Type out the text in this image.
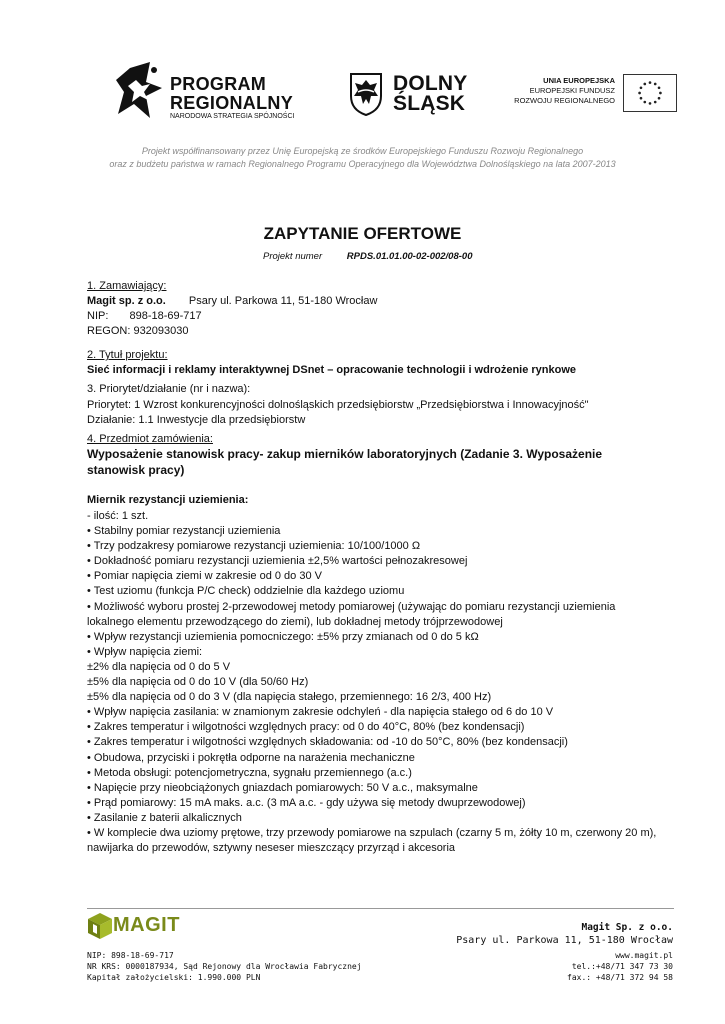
PROGRAM
REGIONALNY
NARODOWA STRATEGIA SPÓJNOŚCI
DOLNY
ŚLĄSK
UNIA EUROPEJSKA
EUROPEJSKI FUNDUSZ
ROZWOJU REGIONALNEGO
Projekt współfinansowany przez Unię Europejską ze środków Europejskiego Funduszu Rozwoju Regionalnego
oraz z budżetu państwa w ramach Regionalnego Programu Operacyjnego dla Województwa Dolnośląskiego na lata 2007-2013
ZAPYTANIE OFERTOWE
Projekt numer	RPDS.01.01.00-02-002/08-00
1. Zamawiający:
Magit sp. z o.o. Psary ul. Parkowa 11, 51-180 Wrocław
NIP: 898-18-69-717
REGON: 932093030
2. Tytuł projektu:
Sieć informacji i reklamy interaktywnej DSnet – opracowanie technologii i wdrożenie rynkowe
3. Priorytet/działanie (nr i nazwa):
Priorytet: 1 Wzrost konkurencyjności dolnośląskich przedsiębiorstw „Przedsiębiorstwa i Innowacyjność"
Działanie: 1.1 Inwestycje dla przedsiębiorstw
4. Przedmiot zamówienia:
Wyposażenie stanowisk pracy- zakup mierników laboratoryjnych (Zadanie 3. Wyposażenie stanowisk pracy)
Miernik rezystancji uziemienia:
- ilość: 1 szt.
• Stabilny pomiar rezystancji uziemienia
• Trzy podzakresy pomiarowe rezystancji uziemienia: 10/100/1000 Ω
• Dokładność pomiaru rezystancji uziemienia ±2,5% wartości pełnozakresowej
• Pomiar napięcia ziemi w zakresie od 0 do 30 V
• Test uziomu (funkcja P/C check) oddzielnie dla każdego uziomu
• Możliwość wyboru prostej 2-przewodowej metody pomiarowej (używając do pomiaru rezystancji uziemienia
lokalnego elementu przewodzącego do ziemi), lub dokładnej metody trójprzewodowej
• Wpływ rezystancji uziemienia pomocniczego: ±5% przy zmianach od 0 do 5 kΩ
• Wpływ napięcia ziemi:
±2% dla napięcia od 0 do 5 V
±5% dla napięcia od 0 do 10 V (dla 50/60 Hz)
±5% dla napięcia od 0 do 3 V (dla napięcia stałego, przemiennego: 16 2/3, 400 Hz)
• Wpływ napięcia zasilania: w znamionym zakresie odchyleń - dla napięcia stałego od 6 do 10 V
• Zakres temperatur i wilgotności względnych pracy: od 0 do 40°C, 80% (bez kondensacji)
• Zakres temperatur i wilgotności względnych składowania: od -10 do 50°C, 80% (bez kondensacji)
• Obudowa, przyciski i pokrętła odporne na narażenia mechaniczne
• Metoda obsługi: potencjometryczna, sygnału przemiennego (a.c.)
• Napięcie przy nieobciążonych gniazdach pomiarowych: 50 V a.c., maksymalne
• Prąd pomiarowy: 15 mA maks. a.c. (3 mA a.c. - gdy używa się metody dwuprzewodowej)
• Zasilanie z baterii alkalicznych
• W komplecie dwa uziomy prętowe, trzy przewody pomiarowe na szpulach (czarny 5 m, żółty 10 m, czerwony 20 m),
nawijarka do przewodów, sztywny neseser mieszczący przyrząd i akcesoria
MAGIT	Magit Sp. z o.o.
Psary ul. Parkowa 11, 51-180 Wrocław
NIP: 898-18-69-717
NR KRS: 0000187934, Sąd Rejonowy dla Wrocławia Fabrycznej
Kapitał założycielski: 1.990.000 PLN
www.magit.pl
tel.:+48/71 347 73 30
fax.: +48/71 372 94 58
